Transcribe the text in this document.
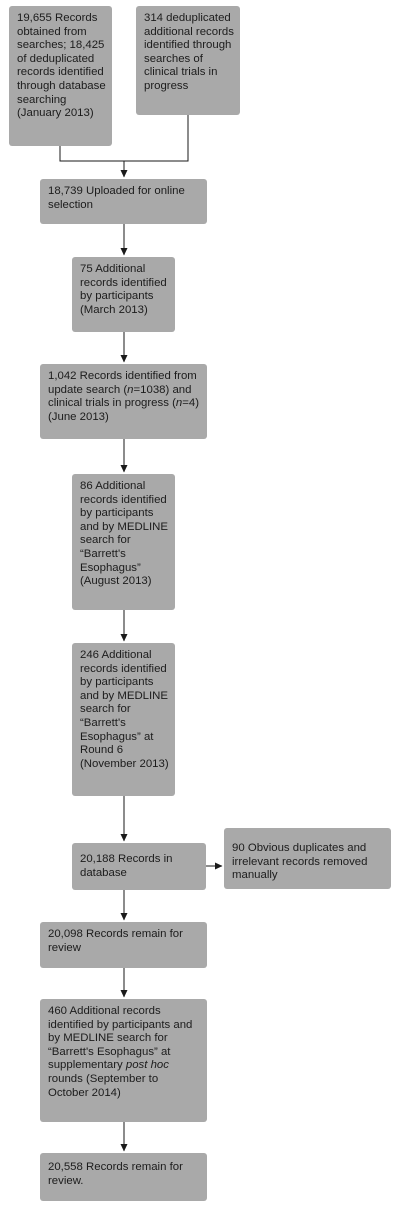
19,655 Records obtained from searches; 18,425 of deduplicated records identified through database searching (January 2013)
314 deduplicated additional records identified through searches of clinical trials in progress
18,739 Uploaded for online selection
75 Additional records identified by participants (March 2013)
1,042 Records identified from update search (n=1038) and clinical trials in progress (n=4) (June 2013)
86 Additional records identified by participants and by MEDLINE search for “Barrett's Esophagus” (August 2013)
246 Additional records identified by participants and by MEDLINE search for “Barrett's Esophagus” at Round 6 (November 2013)
20,188 Records in database
90 Obvious duplicates and irrelevant records removed manually
20,098 Records remain for review
460 Additional records identified by participants and by MEDLINE search for “Barrett's Esophagus” at supplementary post hoc rounds (September to October 2014)
20,558 Records remain for review.
